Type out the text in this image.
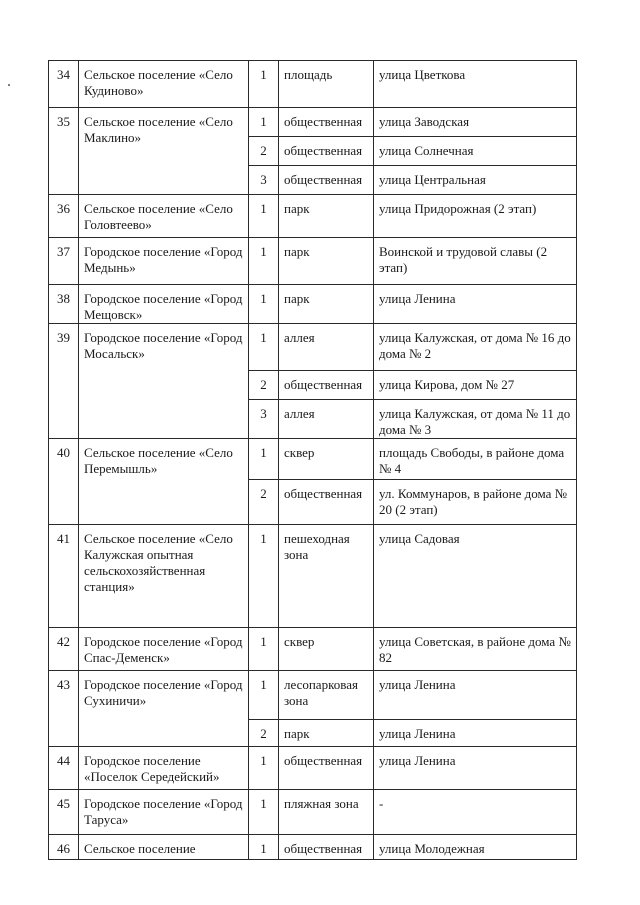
34	Сельское поселение «Село Кудиново»	1	площадь	улица Цветкова
35	Сельское поселение «Село Маклино»	1	общественная	улица Заводская
		2	общественная	улица Солнечная
		3	общественная	улица Центральная
36	Сельское поселение «Село Головтеево»	1	парк	улица Придорожная (2 этап)
37	Городское поселение «Город Медынь»	1	парк	Воинской и трудовой славы (2 этап)
38	Городское поселение «Город Мещовск»	1	парк	улица Ленина
39	Городское поселение «Город Мосальск»	1	аллея	улица Калужская, от дома № 16 до дома № 2
		2	общественная	улица Кирова, дом № 27
		3	аллея	улица Калужская, от дома № 11 до дома № 3
40	Сельское поселение «Село Перемышль»	1	сквер	площадь Свободы, в районе дома № 4
		2	общественная	ул. Коммунаров, в районе дома № 20 (2 этап)
41	Сельское поселение «Село Калужская опытная сельскохозяйственная станция»	1	пешеходная зона	улица Садовая
42	Городское поселение «Город Спас-Деменск»	1	сквер	улица Советская, в районе дома № 82
43	Городское поселение «Город Сухиничи»	1	лесопарковая зона	улица Ленина
		2	парк	улица Ленина
44	Городское поселение «Поселок Середейский»	1	общественная	улица Ленина
45	Городское поселение «Город Таруса»	1	пляжная зона	-
46	Сельское поселение	1	общественная	улица Молодежная
